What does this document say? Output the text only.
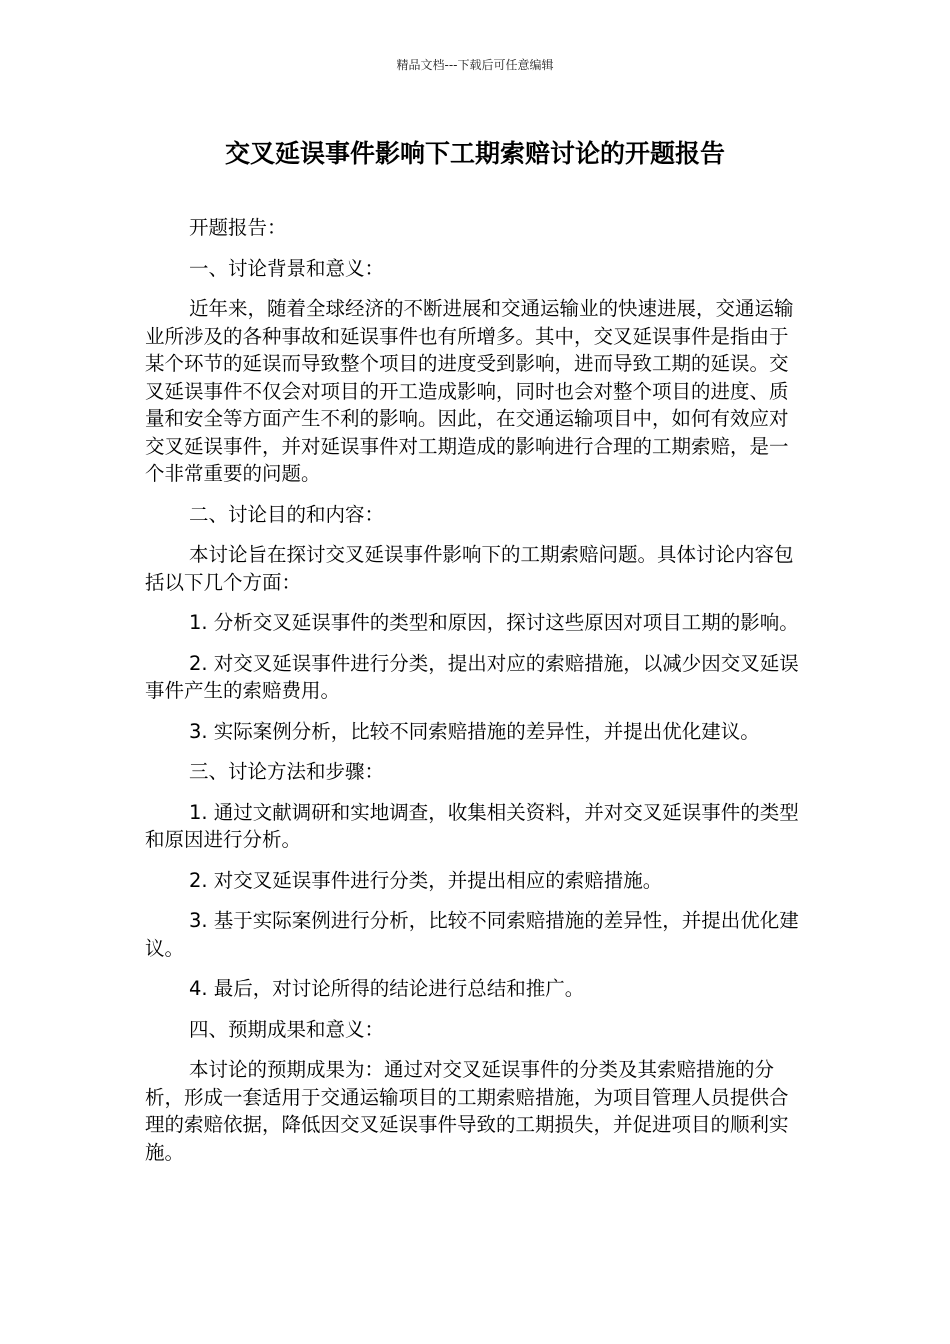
精品文档---下载后可任意编辑
交叉延误事件影响下工期索赔讨论的开题报告

开题报告：

一、讨论背景和意义：

近年来，随着全球经济的不断进展和交通运输业的快速进展，交通运输业所涉及的各种事故和延误事件也有所增多。其中，交叉延误事件是指由于某个环节的延误而导致整个项目的进度受到影响，进而导致工期的延误。交叉延误事件不仅会对项目的开工造成影响，同时也会对整个项目的进度、质量和安全等方面产生不利的影响。因此，在交通运输项目中，如何有效应对交叉延误事件，并对延误事件对工期造成的影响进行合理的工期索赔，是一个非常重要的问题。

二、讨论目的和内容：

本讨论旨在探讨交叉延误事件影响下的工期索赔问题。具体讨论内容包括以下几个方面：

1. 分析交叉延误事件的类型和原因，探讨这些原因对项目工期的影响。

2. 对交叉延误事件进行分类，提出对应的索赔措施，以减少因交叉延误事件产生的索赔费用。

3. 实际案例分析，比较不同索赔措施的差异性，并提出优化建议。

三、讨论方法和步骤：

1. 通过文献调研和实地调查，收集相关资料，并对交叉延误事件的类型和原因进行分析。

2. 对交叉延误事件进行分类，并提出相应的索赔措施。

3. 基于实际案例进行分析，比较不同索赔措施的差异性，并提出优化建议。

4. 最后，对讨论所得的结论进行总结和推广。

四、预期成果和意义：

本讨论的预期成果为：通过对交叉延误事件的分类及其索赔措施的分析，形成一套适用于交通运输项目的工期索赔措施，为项目管理人员提供合理的索赔依据，降低因交叉延误事件导致的工期损失，并促进项目的顺利实施。
